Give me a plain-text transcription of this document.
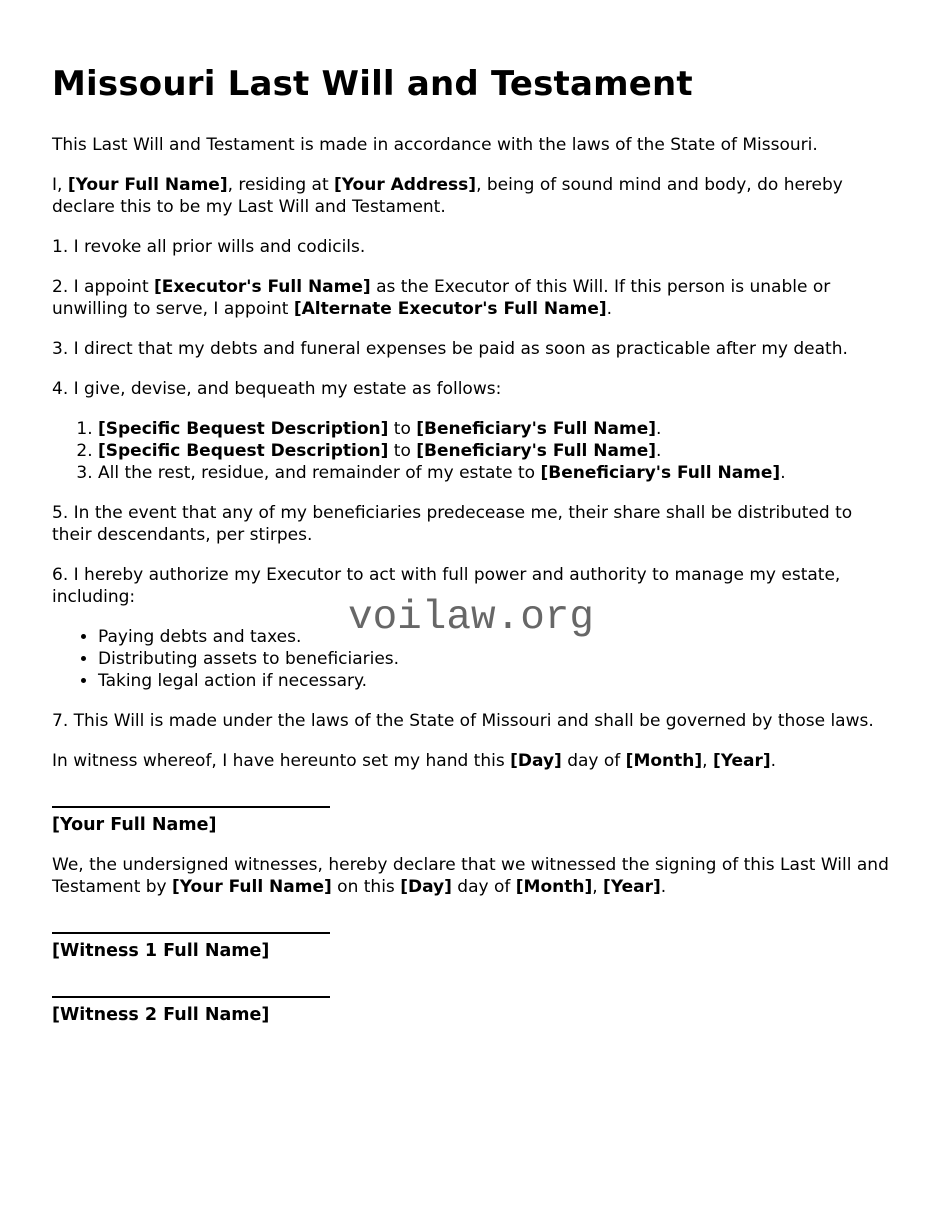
Missouri Last Will and Testament

This Last Will and Testament is made in accordance with the laws of the State of Missouri.

I, [Your Full Name], residing at [Your Address], being of sound mind and body, do hereby declare this to be my Last Will and Testament.

1. I revoke all prior wills and codicils.

2. I appoint [Executor's Full Name] as the Executor of this Will. If this person is unable or unwilling to serve, I appoint [Alternate Executor's Full Name].

3. I direct that my debts and funeral expenses be paid as soon as practicable after my death.

4. I give, devise, and bequeath my estate as follows:

1. [Specific Bequest Description] to [Beneficiary's Full Name].
2. [Specific Bequest Description] to [Beneficiary's Full Name].
3. All the rest, residue, and remainder of my estate to [Beneficiary's Full Name].

5. In the event that any of my beneficiaries predecease me, their share shall be distributed to their descendants, per stirpes.

6. I hereby authorize my Executor to act with full power and authority to manage my estate, including:

• Paying debts and taxes.
• Distributing assets to beneficiaries.
• Taking legal action if necessary.

7. This Will is made under the laws of the State of Missouri and shall be governed by those laws.

In witness whereof, I have hereunto set my hand this [Day] day of [Month], [Year].

[Your Full Name]

We, the undersigned witnesses, hereby declare that we witnessed the signing of this Last Will and Testament by [Your Full Name] on this [Day] day of [Month], [Year].

[Witness 1 Full Name]
[Witness 2 Full Name]
voilaw.org
